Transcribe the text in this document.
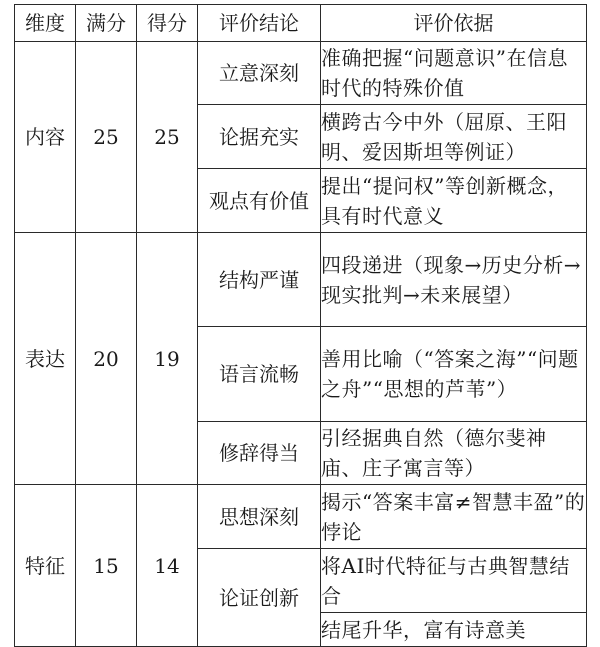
维度	满分	得分	评价结论	评价依据
内容	25	25	立意深刻	准确把握“问题意识”在信息时代的特殊价值
			论据充实	横跨古今中外（屈原、王阳明、爱因斯坦等例证）
			观点有价值	提出“提问权”等创新概念，具有时代意义
表达	20	19	结构严谨	四段递进（现象→历史分析→现实批判→未来展望）
			语言流畅	善用比喻（“答案之海”“问题之舟”“思想的芦苇”）
			修辞得当	引经据典自然（德尔斐神庙、庄子寓言等）
特征	15	14	思想深刻	揭示“答案丰富≠智慧丰盈”的悖论
			论证创新	将AI时代特征与古典智慧结合
				结尾升华，富有诗意美
